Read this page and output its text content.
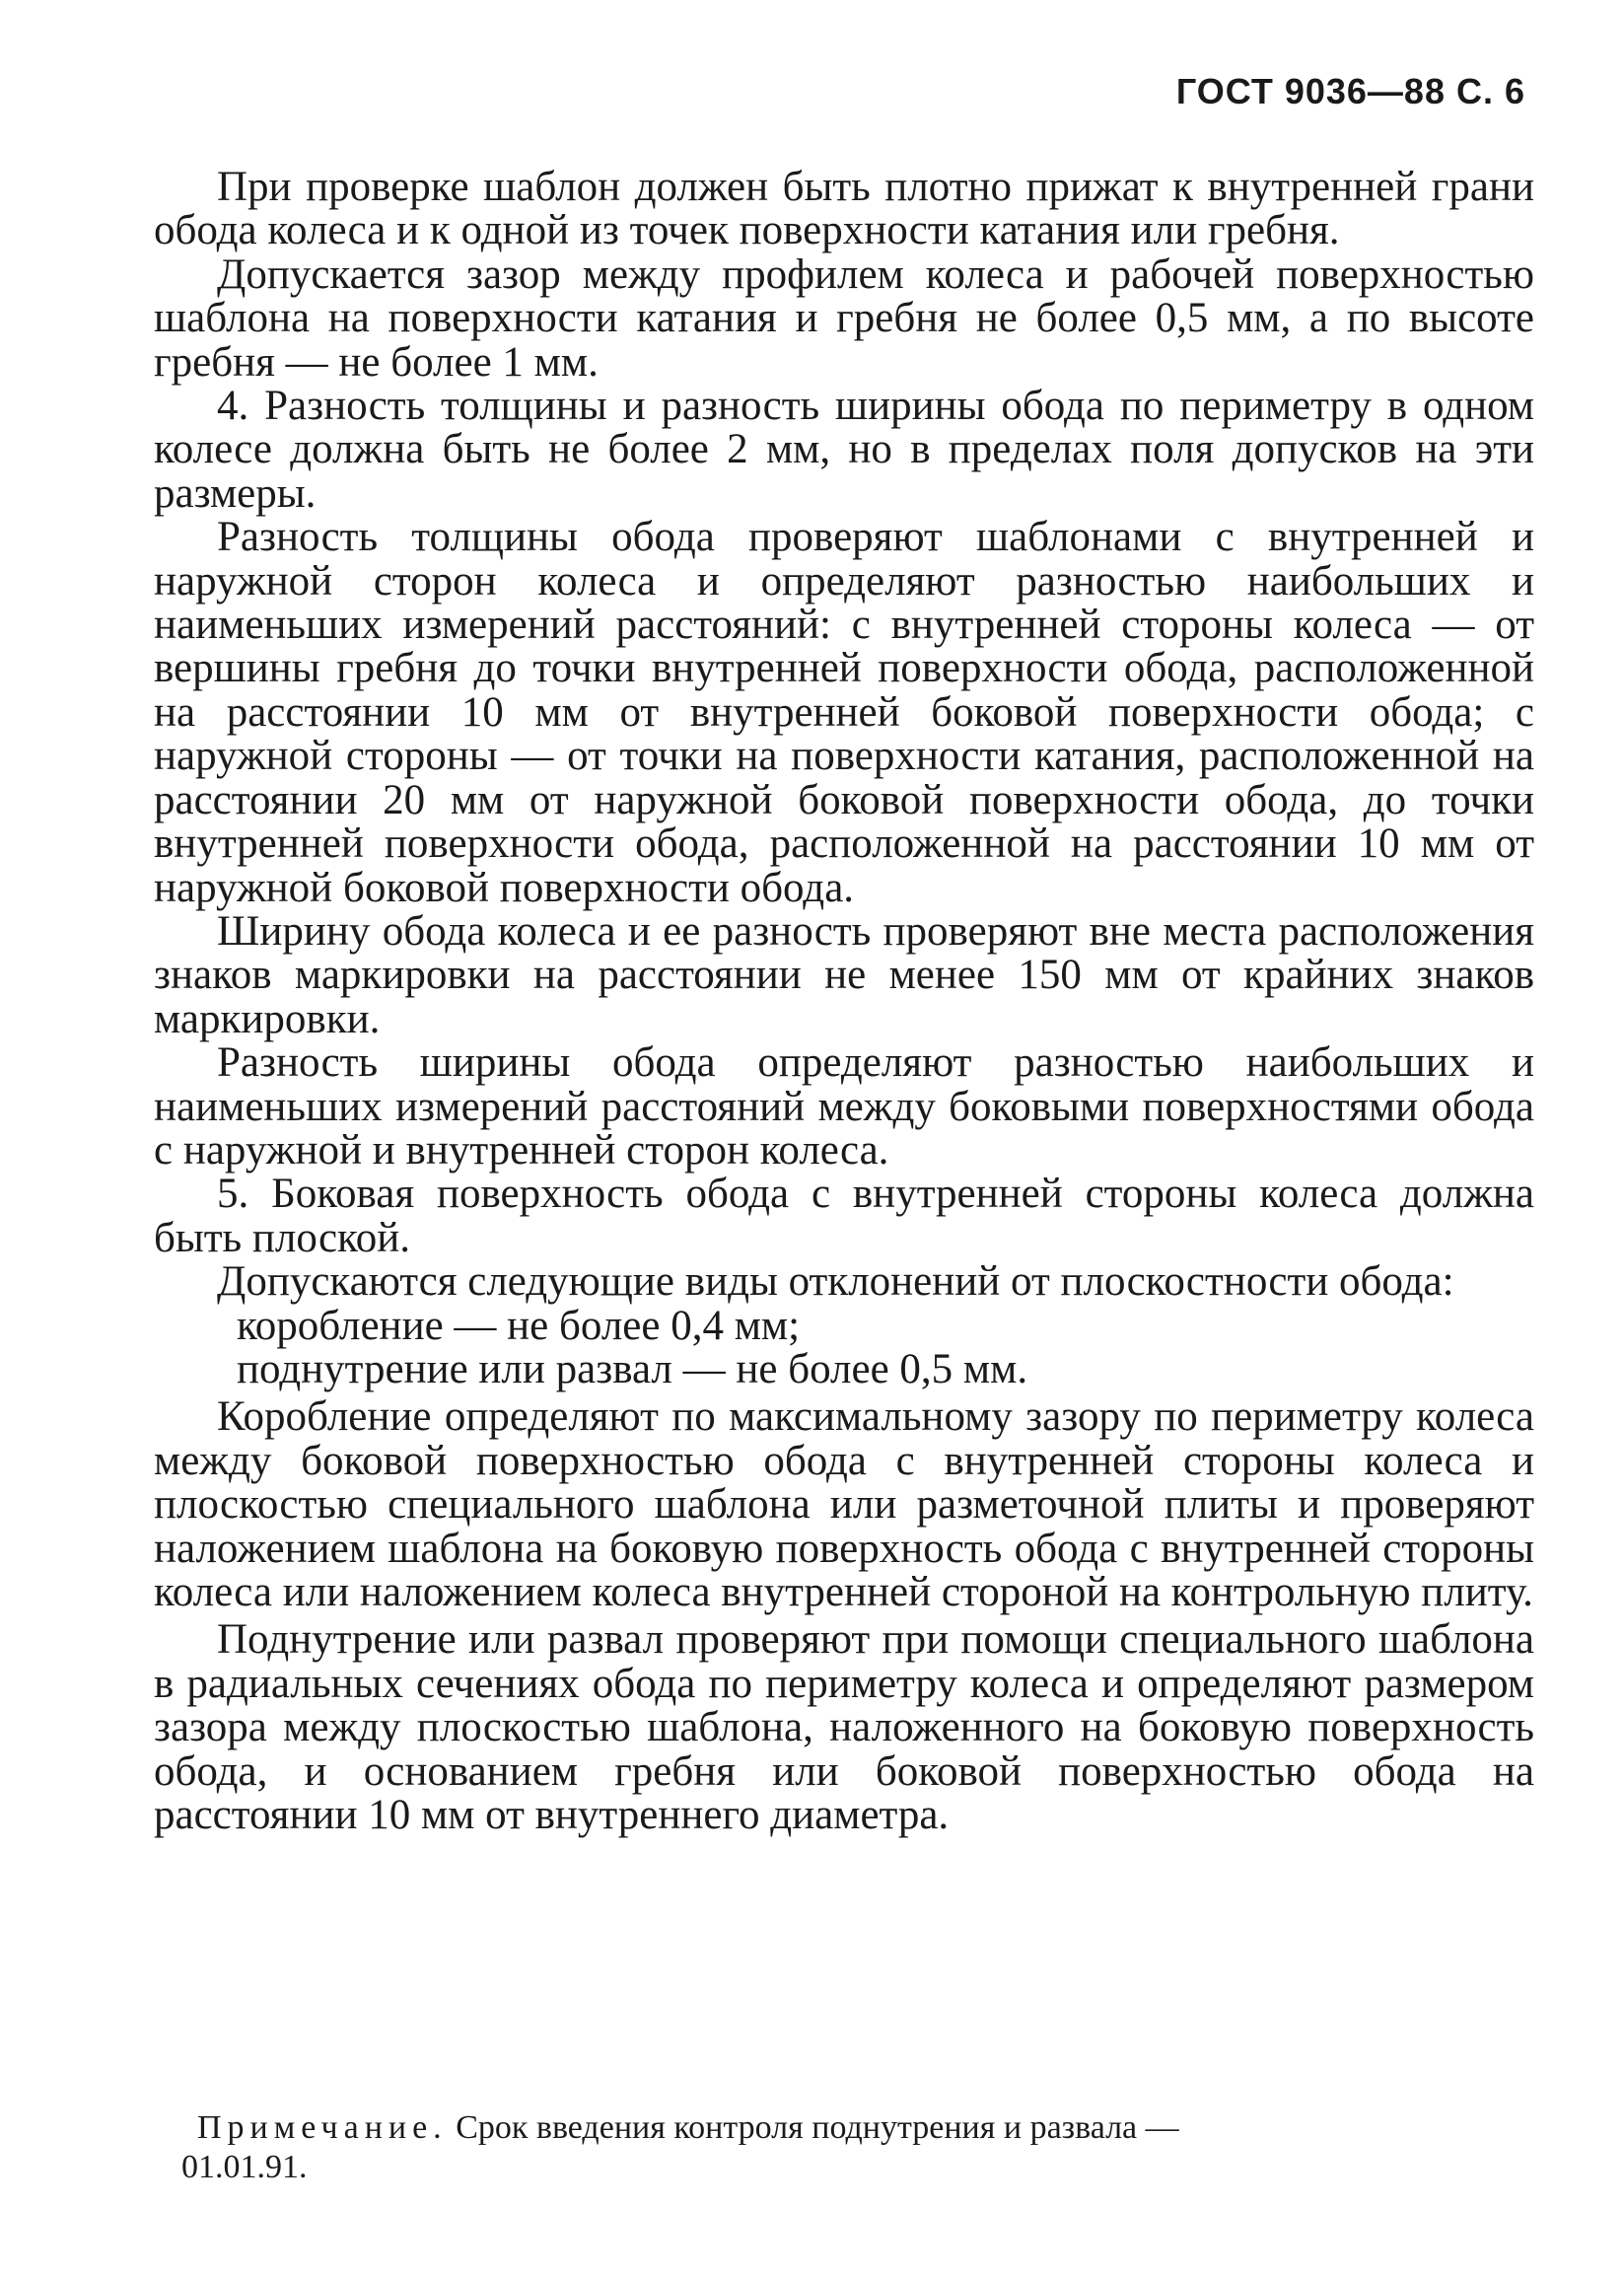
ГОСТ 9036—88 С. 6

При проверке шаблон должен быть плотно прижат к внутренней грани обода колеса и к одной из точек поверхности катания или гребня.

Допускается зазор между профилем колеса и рабочей поверхностью шаблона на поверхности катания и гребня не более 0,5 мм, а по высоте гребня — не более 1 мм.

4. Разность толщины и разность ширины обода по периметру в одном колесе должна быть не более 2 мм, но в пределах поля допусков на эти размеры.

Разность толщины обода проверяют шаблонами с внутренней и наружной сторон колеса и определяют разностью наибольших и наименьших измерений расстояний: с внутренней стороны колеса — от вершины гребня до точки внутренней поверхности обода, расположенной на расстоянии 10 мм от внутренней боковой поверхности обода; с наружной стороны — от точки на поверхности катания, расположенной на расстоянии 20 мм от наружной боковой поверхности обода, до точки внутренней поверхности обода, расположенной на расстоянии 10 мм от наружной боковой поверхности обода.

Ширину обода колеса и ее разность проверяют вне места расположения знаков маркировки на расстоянии не менее 150 мм от крайних знаков маркировки.

Разность ширины обода определяют разностью наибольших и наименьших измерений расстояний между боковыми поверхностями обода с наружной и внутренней сторон колеса.

5. Боковая поверхность обода с внутренней стороны колеса должна быть плоской.

Допускаются следующие виды отклонений от плоскостности обода:

коробление — не более 0,4 мм;

поднутрение или развал — не более 0,5 мм.

Коробление определяют по максимальному зазору по периметру колеса между боковой поверхностью обода с внутренней стороны колеса и плоскостью специального шаблона или разметочной плиты и проверяют наложением шаблона на боковую поверхность обода с внутренней стороны колеса или наложением колеса внутренней стороной на контрольную плиту.

Поднутрение или развал проверяют при помощи специального шаблона в радиальных сечениях обода по периметру колеса и определяют размером зазора между плоскостью шаблона, наложенного на боковую поверхность обода, и основанием гребня или боковой поверхностью обода на расстоянии 10 мм от внутреннего диаметра.

Примечание. Срок введения контроля поднутрения и развала —
01.01.91.
